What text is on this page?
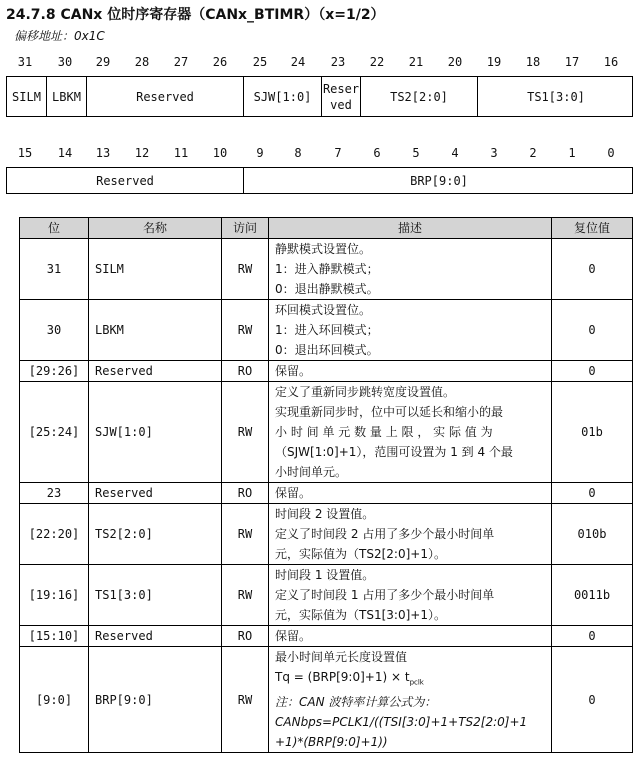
24.7.8 CANx 位时序寄存器（CANx_BTIMR）（x=1/2）
偏移地址：0x1C
31	30	29	28	27	26	25	24	23	22	21	20	19	18	17	16
SILM LBKM	Reserved	SJW[1:0]
Reser
ved
TS2[2:0]	TS1[3:0]
15	14	13	12	11	10	9	8	7	6	5	4	3	2	1	0
Reserved	BRP[9:0]
位	名称	访问	描述	复位值
31	SILM	RW	静默模式设置位。
1：进入静默模式；
0：退出静默模式。	0
30	LBKM	RW	环回模式设置位。
1：进入环回模式；
0：退出环回模式。	0
[29:26]	Reserved	RO	保留。	0
[25:24]	SJW[1:0]	RW	定义了重新同步跳转宽度设置值。
实现重新同步时，位中可以延长和缩小的最
小 时 间 单 元 数 量 上 限 ， 实 际 值 为
（SJW[1:0]+1），范围可设置为 1 到 4 个最
小时间单元。	01b
23	Reserved	RO	保留。	0
[22:20]	TS2[2:0]	RW	时间段 2 设置值。
定义了时间段 2 占用了多少个最小时间单
元，实际值为（TS2[2:0]+1）。	010b
[19:16]	TS1[3:0]	RW	时间段 1 设置值。
定义了时间段 1 占用了多少个最小时间单
元，实际值为（TS1[3:0]+1）。	0011b
[15:10]	Reserved	RO	保留。	0
[9:0]	BRP[9:0]	RW	最小时间单元长度设置值
Tq = (BRP[9:0]+1) × $t_{pclk}$
注：CAN 波特率计算公式为：
CANbps=PCLK1/((TSI[3:0]+1+TS2[2:0]+1
+1)*(BRP[9:0]+1))	0
